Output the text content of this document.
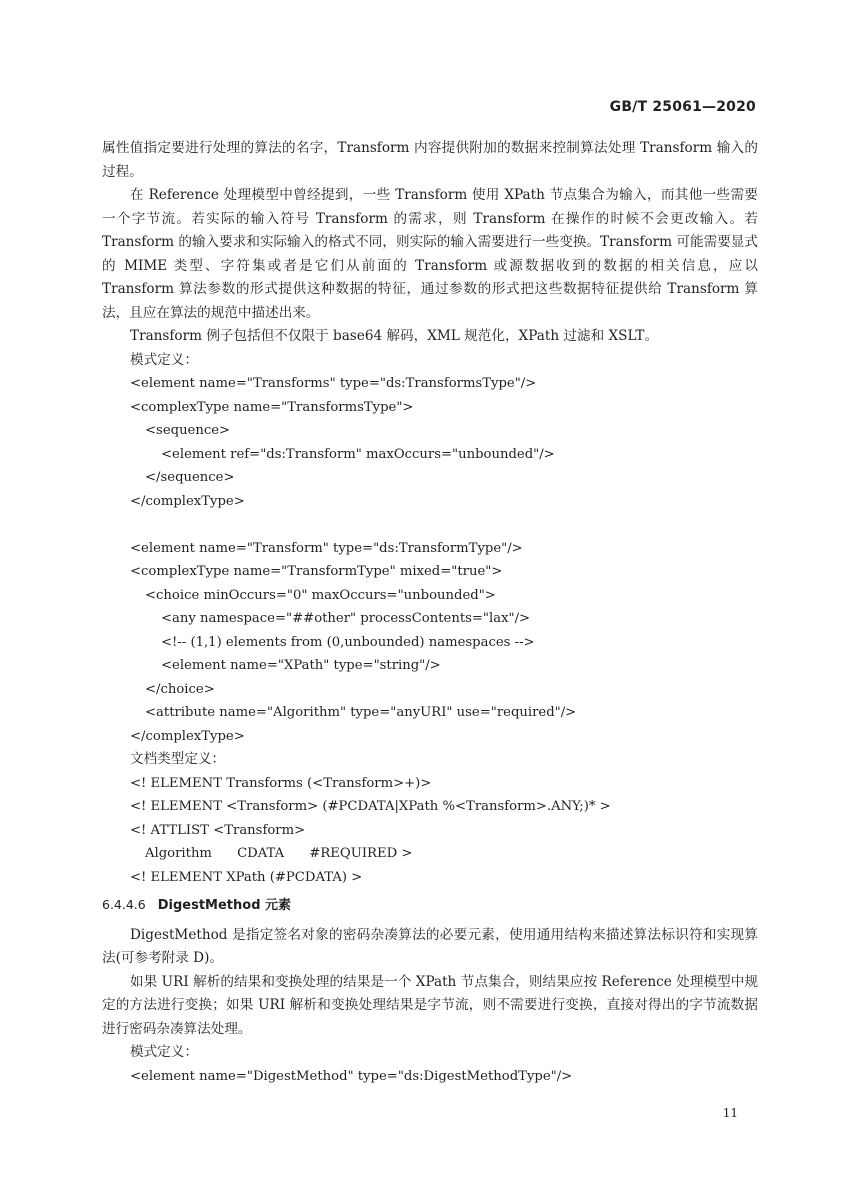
GB/T 25061—2020

属性值指定要进行处理的算法的名字，Transform 内容提供附加的数据来控制算法处理 Transform 输入的过程。

在 Reference 处理模型中曾经提到，一些 Transform 使用 XPath 节点集合为输入，而其他一些需要一个字节流。若实际的输入符号 Transform 的需求，则 Transform 在操作的时候不会更改输入。若 Transform 的输入要求和实际输入的格式不同，则实际的输入需要进行一些变换。Transform 可能需要显式的 MIME 类型、字符集或者是它们从前面的 Transform 或源数据收到的数据的相关信息，应以 Transform 算法参数的形式提供这种数据的特征，通过参数的形式把这些数据特征提供给 Transform 算法，且应在算法的规范中描述出来。

Transform 例子包括但不仅限于 base64 解码，XML 规范化，XPath 过滤和 XSLT。

模式定义：

<element name="Transforms" type="ds:TransformsType"/>
<complexType name="TransformsType">
<sequence>
<element ref="ds:Transform" maxOccurs="unbounded"/>
</sequence>
</complexType>
<element name="Transform" type="ds:TransformType"/>
<complexType name="TransformType" mixed="true">
<choice minOccurs="0" maxOccurs="unbounded">
<any namespace="##other" processContents="lax"/>
<!-- (1,1) elements from (0,unbounded) namespaces -->
<element name="XPath" type="string"/>
</choice>
<attribute name="Algorithm" type="anyURI" use="required"/>
</complexType>

文档类型定义：

<! ELEMENT Transforms (<Transform>+)>
<! ELEMENT <Transform> (#PCDATA|XPath %<Transform>.ANY;)* >
<! ATTLIST <Transform>
Algorithm      CDATA      #REQUIRED >
<! ELEMENT XPath (#PCDATA) >
6.4.4.6 DigestMethod 元素

DigestMethod 是指定签名对象的密码杂凑算法的必要元素，使用通用结构来描述算法标识符和实现算法(可参考附录 D)。

如果 URI 解析的结果和变换处理的结果是一个 XPath 节点集合，则结果应按 Reference 处理模型中规定的方法进行变换；如果 URI 解析和变换处理结果是字节流，则不需要进行变换，直接对得出的字节流数据进行密码杂凑算法处理。

模式定义：

<element name="DigestMethod" type="ds:DigestMethodType"/>
11
